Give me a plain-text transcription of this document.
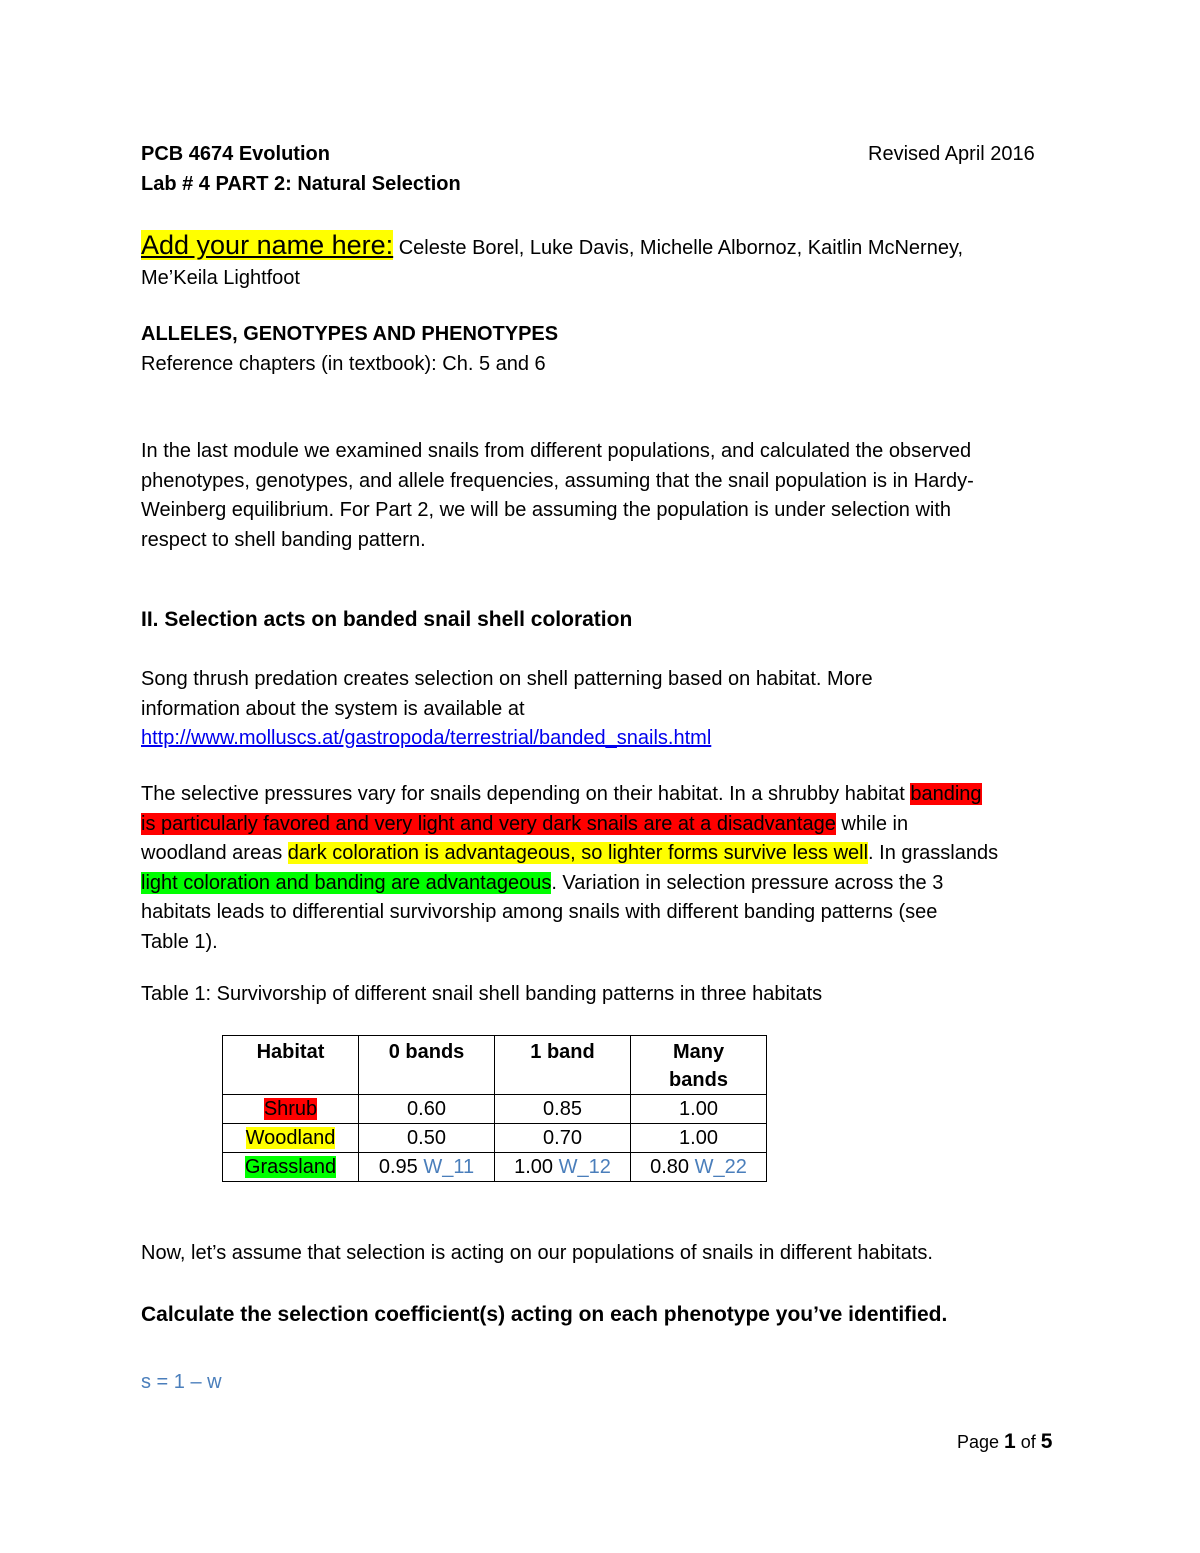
PCB 4674 Evolution	Revised April 2016
Lab # 4 PART 2: Natural Selection
Add your name here: Celeste Borel, Luke Davis, Michelle Albornoz, Kaitlin McNerney,
Me’Keila Lightfoot
ALLELES, GENOTYPES AND PHENOTYPES
Reference chapters (in textbook): Ch. 5 and 6
In the last module we examined snails from different populations, and calculated the observed
phenotypes, genotypes, and allele frequencies, assuming that the snail population is in Hardy-
Weinberg equilibrium. For Part 2, we will be assuming the population is under selection with
respect to shell banding pattern.
II. Selection acts on banded snail shell coloration
Song thrush predation creates selection on shell patterning based on habitat. More
information about the system is available at
http://www.molluscs.at/gastropoda/terrestrial/banded_snails.html
The selective pressures vary for snails depending on their habitat. In a shrubby habitat banding
is particularly favored and very light and very dark snails are at a disadvantage while in
woodland areas dark coloration is advantageous, so lighter forms survive less well. In grasslands
light coloration and banding are advantageous. Variation in selection pressure across the 3
habitats leads to differential survivorship among snails with different banding patterns (see
Table 1).
Table 1: Survivorship of different snail shell banding patterns in three habitats
Habitat	0 bands	1 band	Many bands
Shrub	0.60	0.85	1.00
Woodland	0.50	0.70	1.00
Grassland	0.95 W_11	1.00 W_12	0.80 W_22
Now, let’s assume that selection is acting on our populations of snails in different habitats.
Calculate the selection coefficient(s) acting on each phenotype you’ve identified.
s = 1 – w
Page 1 of 5
